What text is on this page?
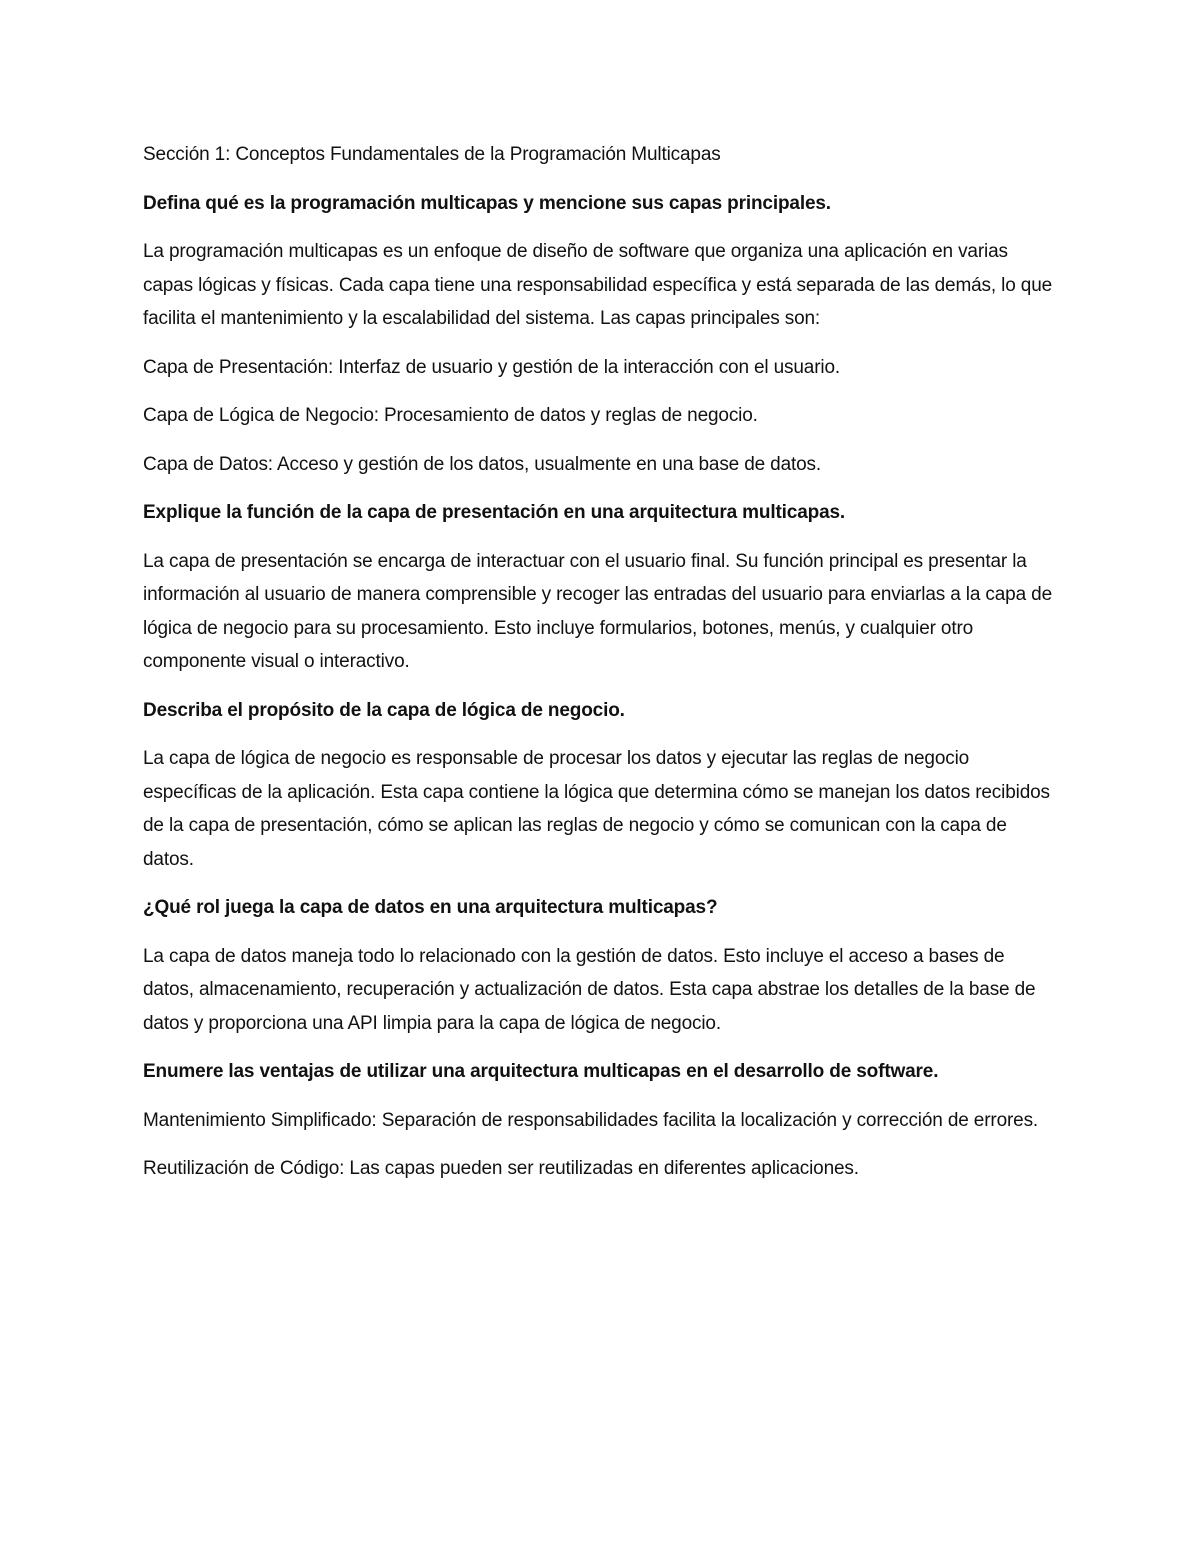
Sección 1: Conceptos Fundamentales de la Programación Multicapas

Defina qué es la programación multicapas y mencione sus capas principales.

La programación multicapas es un enfoque de diseño de software que organiza una aplicación en varias capas lógicas y físicas. Cada capa tiene una responsabilidad específica y está separada de las demás, lo que facilita el mantenimiento y la escalabilidad del sistema. Las capas principales son:

Capa de Presentación: Interfaz de usuario y gestión de la interacción con el usuario.

Capa de Lógica de Negocio: Procesamiento de datos y reglas de negocio.

Capa de Datos: Acceso y gestión de los datos, usualmente en una base de datos.

Explique la función de la capa de presentación en una arquitectura multicapas.

La capa de presentación se encarga de interactuar con el usuario final. Su función principal es presentar la información al usuario de manera comprensible y recoger las entradas del usuario para enviarlas a la capa de lógica de negocio para su procesamiento. Esto incluye formularios, botones, menús, y cualquier otro componente visual o interactivo.

Describa el propósito de la capa de lógica de negocio.

La capa de lógica de negocio es responsable de procesar los datos y ejecutar las reglas de negocio específicas de la aplicación. Esta capa contiene la lógica que determina cómo se manejan los datos recibidos de la capa de presentación, cómo se aplican las reglas de negocio y cómo se comunican con la capa de datos.

¿Qué rol juega la capa de datos en una arquitectura multicapas?

La capa de datos maneja todo lo relacionado con la gestión de datos. Esto incluye el acceso a bases de datos, almacenamiento, recuperación y actualización de datos. Esta capa abstrae los detalles de la base de datos y proporciona una API limpia para la capa de lógica de negocio.

Enumere las ventajas de utilizar una arquitectura multicapas en el desarrollo de software.

Mantenimiento Simplificado: Separación de responsabilidades facilita la localización y corrección de errores.

Reutilización de Código: Las capas pueden ser reutilizadas en diferentes aplicaciones.
